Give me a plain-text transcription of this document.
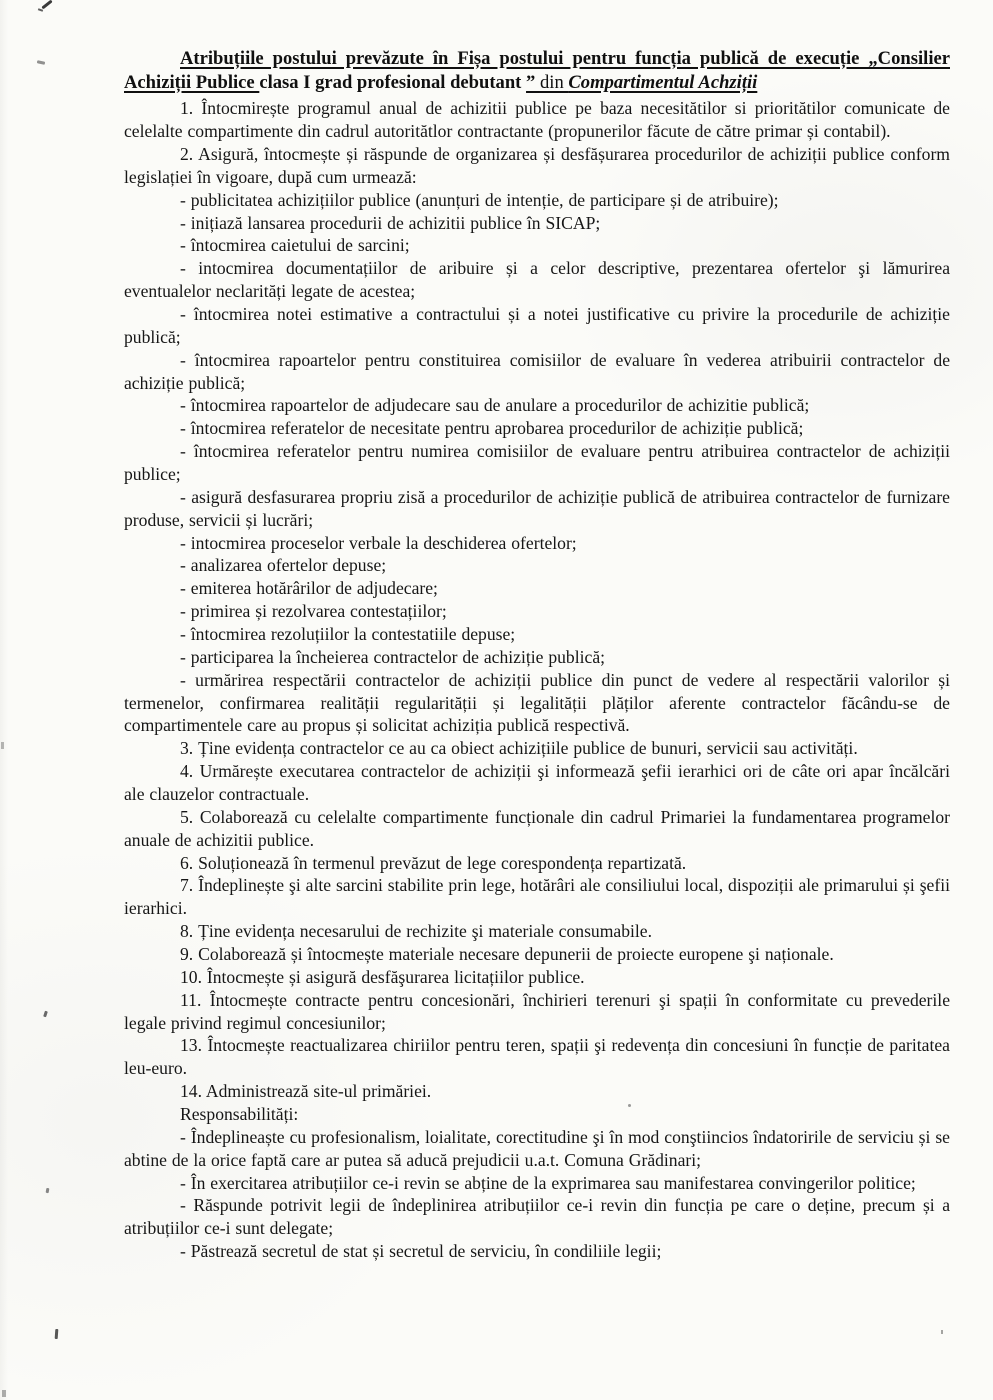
Atribuțiile postului prevăzute în Fișa postului pentru funcția publică de execuție „Consilier
Achiziții Publice clasa I grad profesional debutant ” din Compartimentul Achziții

1. Întocmirește programul anual de achizitii publice pe baza necesitătilor si prioritătilor comunicate de celelalte compartimente din cadrul autoritătlor contractante (propunerilor făcute de către primar și contabil).

2. Asigură, întocmește și răspunde de organizarea și desfășurarea procedurilor de achiziții publice conform legislației în vigoare, după cum urmează:

- publicitatea achizițiilor publice (anunțuri de intenție, de participare și de atribuire);

- inițiază lansarea procedurii de achizitii publice în SICAP;

- întocmirea caietului de sarcini;

- intocmirea documentațiilor de aribuire și a celor descriptive, prezentarea ofertelor şi lămurirea eventualelor neclarități legate de acestea;

- întocmirea notei estimative a contractului și a notei justificative cu privire la procedurile de achiziție publică;

- întocmirea rapoartelor pentru constituirea comisiilor de evaluare în vederea atribuirii contractelor de achiziție publică;

- întocmirea rapoartelor de adjudecare sau de anulare a procedurilor de achizitie publică;

- întocmirea referatelor de necesitate pentru aprobarea procedurilor de achiziție publică;

- întocmirea referatelor pentru numirea comisiilor de evaluare pentru atribuirea contractelor de achiziții publice;

- asigură desfasurarea propriu zisă a procedurilor de achiziție publică de atribuirea contractelor de furnizare produse, servicii și lucrări;

- intocmirea proceselor verbale la deschiderea ofertelor;

- analizarea ofertelor depuse;

- emiterea hotărârilor de adjudecare;

- primirea și rezolvarea contestațiilor;

- întocmirea rezoluțiilor la contestatiile depuse;

- participarea la încheierea contractelor de achiziție publică;

- urmărirea respectării contractelor de achiziții publice din punct de vedere al respectării valorilor și termenelor, confirmarea realității regularității și legalității plăților aferente contractelor făcându-se de compartimentele care au propus și solicitat achiziția publică respectivă.

3. Ține evidența contractelor ce au ca obiect achizițiile publice de bunuri, servicii sau activități.

4. Urmărește executarea contractelor de achiziții şi informează şefii ierarhici ori de câte ori apar încălcări ale clauzelor contractuale.

5. Colaborează cu celelalte compartimente funcționale din cadrul Primariei la fundamentarea programelor anuale de achizitii publice.

6. Soluționează în termenul prevăzut de lege corespondența repartizată.

7. Îndeplinește şi alte sarcini stabilite prin lege, hotărâri ale consiliului local, dispoziții ale primarului și şefii ierarhici.

8. Ține evidența necesarului de rechizite şi materiale consumabile.

9. Colaborează și întocmește materiale necesare depunerii de proiecte europene şi naționale.

10. Întocmește și asigură desfăşurarea licitațiilor publice.

11. Întocmește contracte pentru concesionări, închirieri terenuri şi spații în conformitate cu prevederile legale privind regimul concesiunilor;

13. Întocmește reactualizarea chiriilor pentru teren, spații şi redevența din concesiuni în funcție de paritatea leu-euro.

14. Administrează site-ul primăriei.

Responsabilități:

- Îndeplineaște cu profesionalism, loialitate, corectitudine şi în mod conştiincios îndatoririle de serviciu și se abtine de la orice faptă care ar putea să aducă prejudicii u.a.t. Comuna Grădinari;

- În exercitarea atribuțiilor ce-i revin se abține de la exprimarea sau manifestarea convingerilor politice;

- Răspunde potrivit legii de îndeplinirea atribuțiilor ce-i revin din funcția pe care o deține, precum și a atribuțiilor ce-i sunt delegate;

- Păstrează secretul de stat și secretul de serviciu, în condiliile legii;
